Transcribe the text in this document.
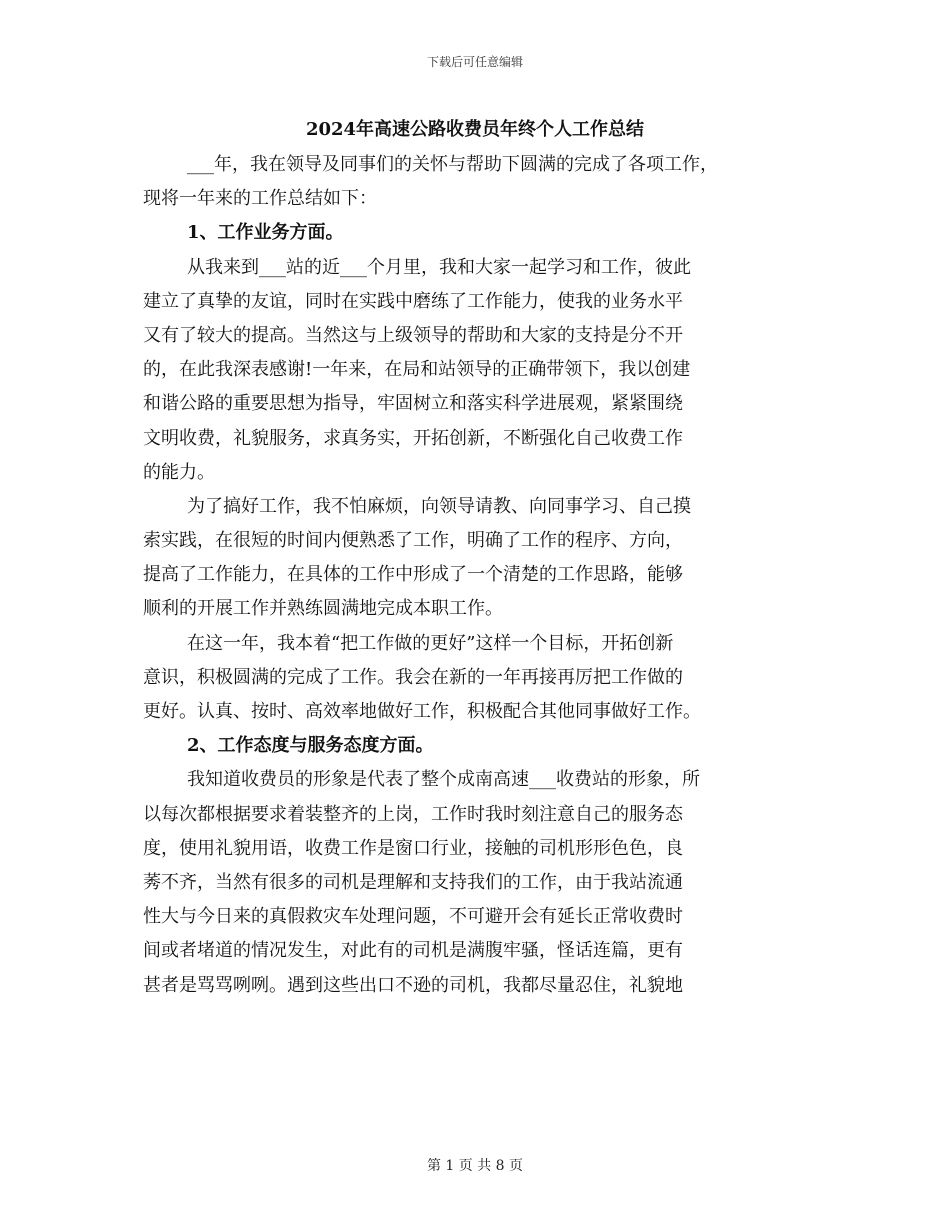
下载后可任意编辑
2024年高速公路收费员年终个人工作总结
___年，我在领导及同事们的关怀与帮助下圆满的完成了各项工作，
现将一年来的工作总结如下：
1、工作业务方面。
从我来到___站的近___个月里，我和大家一起学习和工作，彼此
建立了真挚的友谊，同时在实践中磨练了工作能力，使我的业务水平
又有了较大的提高。当然这与上级领导的帮助和大家的支持是分不开
的，在此我深表感谢!一年来，在局和站领导的正确带领下，我以创建
和谐公路的重要思想为指导，牢固树立和落实科学进展观，紧紧围绕
文明收费，礼貌服务，求真务实，开拓创新，不断强化自己收费工作
的能力。
为了搞好工作，我不怕麻烦，向领导请教、向同事学习、自己摸
索实践，在很短的时间内便熟悉了工作，明确了工作的程序、方向，
提高了工作能力，在具体的工作中形成了一个清楚的工作思路，能够
顺利的开展工作并熟练圆满地完成本职工作。
在这一年，我本着“把工作做的更好”这样一个目标，开拓创新
意识，积极圆满的完成了工作。我会在新的一年再接再厉把工作做的
更好。认真、按时、高效率地做好工作，积极配合其他同事做好工作。
2、工作态度与服务态度方面。
我知道收费员的形象是代表了整个成南高速___收费站的形象，所
以每次都根据要求着装整齐的上岗，工作时我时刻注意自己的服务态
度，使用礼貌用语，收费工作是窗口行业，接触的司机形形色色，良
莠不齐，当然有很多的司机是理解和支持我们的工作，由于我站流通
性大与今日来的真假救灾车处理问题，不可避开会有延长正常收费时
间或者堵道的情况发生，对此有的司机是满腹牢骚，怪话连篇，更有
甚者是骂骂咧咧。遇到这些出口不逊的司机，我都尽量忍住，礼貌地
第 1 页 共 8 页
